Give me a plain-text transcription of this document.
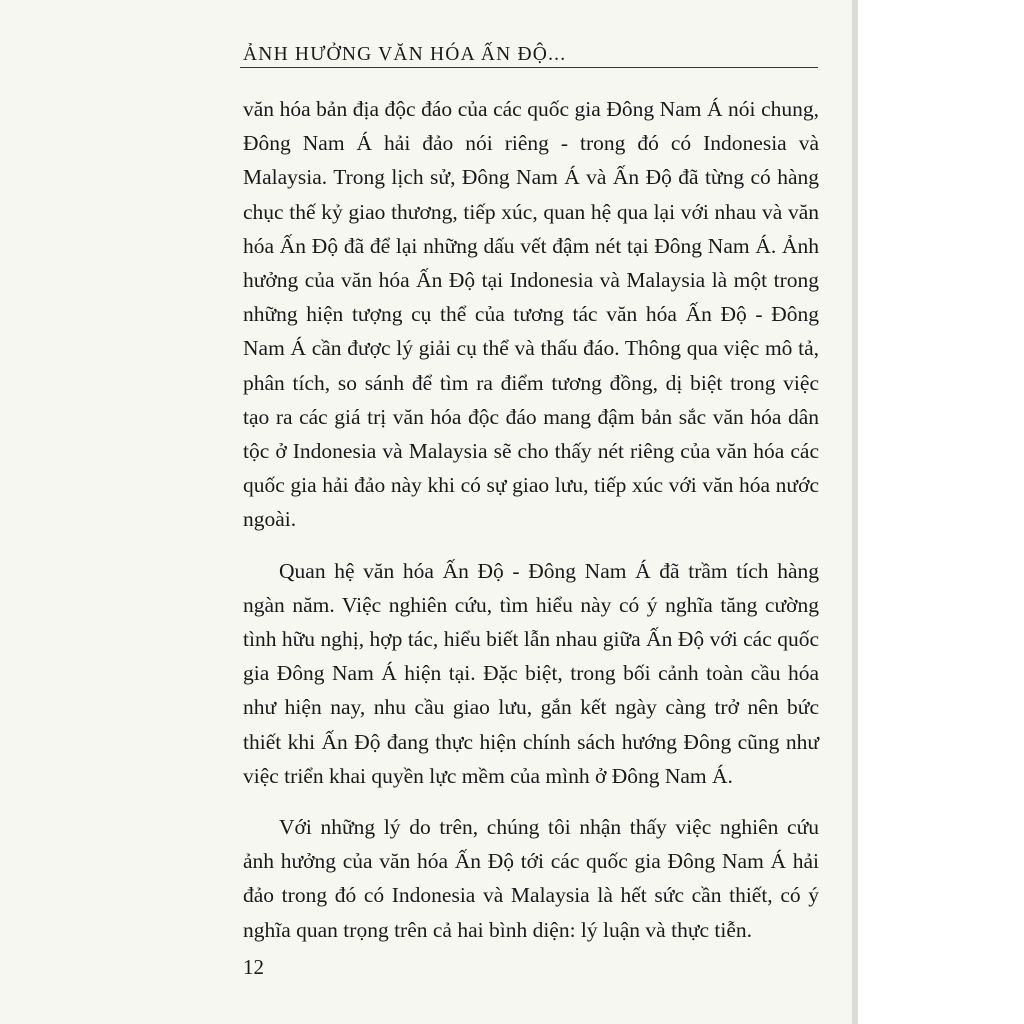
ẢNH HƯỞNG VĂN HÓA ẤN ĐỘ...

văn hóa bản địa độc đáo của các quốc gia Đông Nam Á nói chung, Đông Nam Á hải đảo nói riêng - trong đó có Indonesia và Malaysia. Trong lịch sử, Đông Nam Á và Ấn Độ đã từng có hàng chục thế kỷ giao thương, tiếp xúc, quan hệ qua lại với nhau và văn hóa Ấn Độ đã để lại những dấu vết đậm nét tại Đông Nam Á. Ảnh hưởng của văn hóa Ấn Độ tại Indonesia và Malaysia là một trong những hiện tượng cụ thể của tương tác văn hóa Ấn Độ - Đông Nam Á cần được lý giải cụ thể và thấu đáo. Thông qua việc mô tả, phân tích, so sánh để tìm ra điểm tương đồng, dị biệt trong việc tạo ra các giá trị văn hóa độc đáo mang đậm bản sắc văn hóa dân tộc ở Indonesia và Malaysia sẽ cho thấy nét riêng của văn hóa các quốc gia hải đảo này khi có sự giao lưu, tiếp xúc với văn hóa nước ngoài.

Quan hệ văn hóa Ấn Độ - Đông Nam Á đã trầm tích hàng ngàn năm. Việc nghiên cứu, tìm hiểu này có ý nghĩa tăng cường tình hữu nghị, hợp tác, hiểu biết lẫn nhau giữa Ấn Độ với các quốc gia Đông Nam Á hiện tại. Đặc biệt, trong bối cảnh toàn cầu hóa như hiện nay, nhu cầu giao lưu, gắn kết ngày càng trở nên bức thiết khi Ấn Độ đang thực hiện chính sách hướng Đông cũng như việc triển khai quyền lực mềm của mình ở Đông Nam Á.

Với những lý do trên, chúng tôi nhận thấy việc nghiên cứu ảnh hưởng của văn hóa Ấn Độ tới các quốc gia Đông Nam Á hải đảo trong đó có Indonesia và Malaysia là hết sức cần thiết, có ý nghĩa quan trọng trên cả hai bình diện: lý luận và thực tiễn.

12
